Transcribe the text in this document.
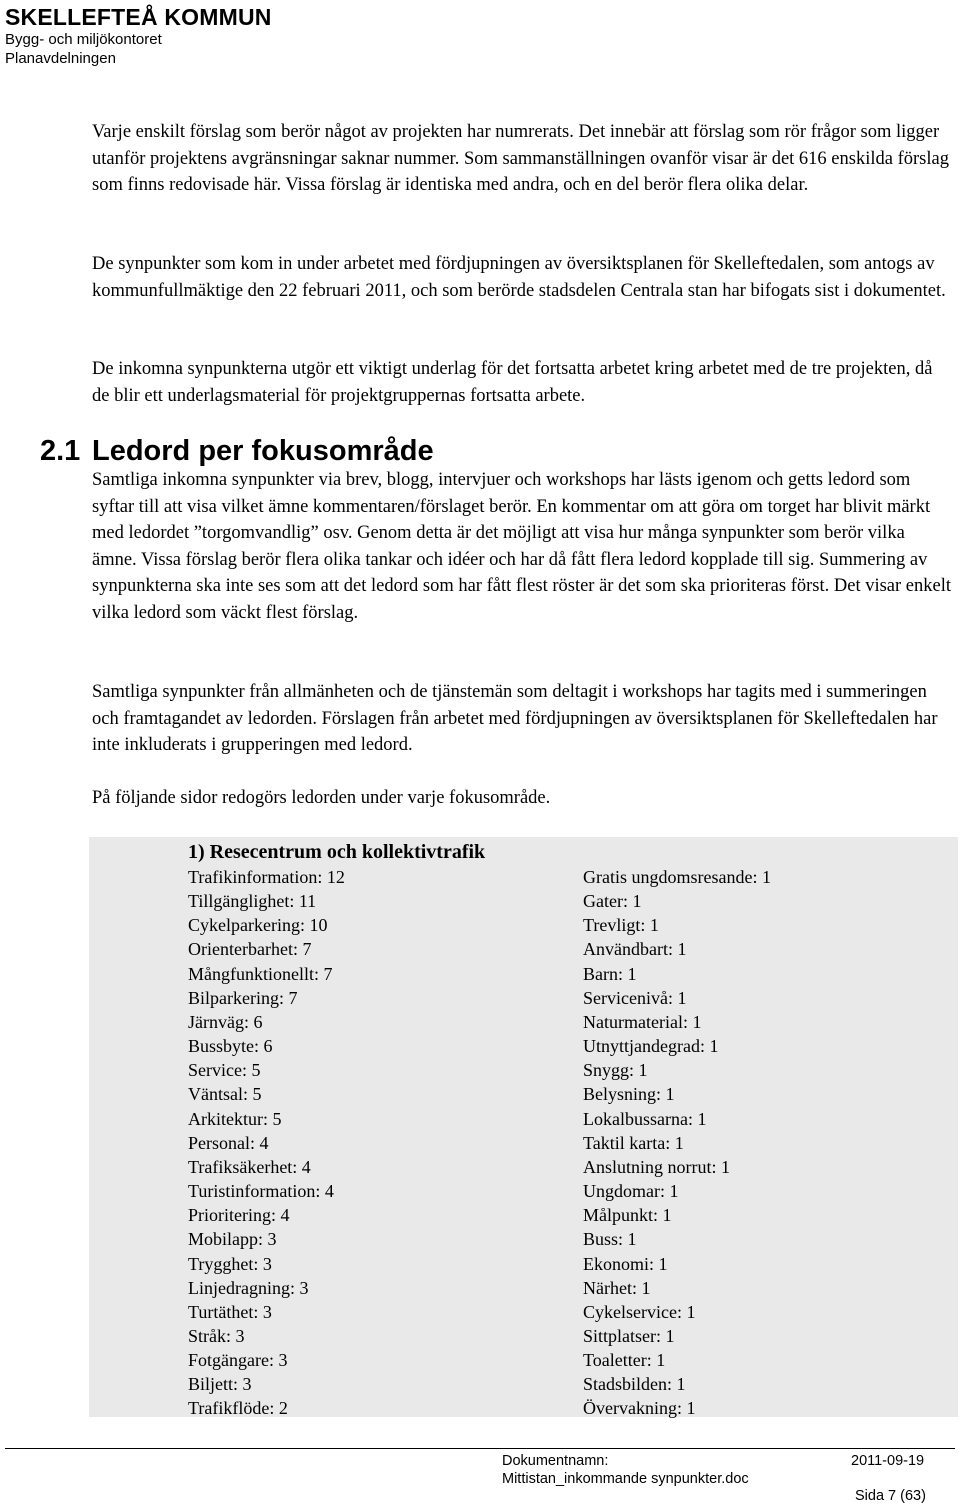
SKELLEFTEÅ KOMMUN
Bygg- och miljökontoret
Planavdelningen

Varje enskilt förslag som berör något av projekten har numrerats. Det innebär att förslag som rör frågor som ligger utanför projektens avgränsningar saknar nummer. Som sammanställningen ovanför visar är det 616 enskilda förslag som finns redovisade här. Vissa förslag är identiska med andra, och en del berör flera olika delar.

De synpunkter som kom in under arbetet med fördjupningen av översiktsplanen för Skelleftedalen, som antogs av kommunfullmäktige den 22 februari 2011, och som berörde stadsdelen Centrala stan har bifogats sist i dokumentet.

De inkomna synpunkterna utgör ett viktigt underlag för det fortsatta arbetet kring arbetet med de tre projekten, då de blir ett underlagsmaterial för projektgruppernas fortsatta arbete.

2.1 Ledord per fokusområde

Samtliga inkomna synpunkter via brev, blogg, intervjuer och workshops har lästs igenom och getts ledord som syftar till att visa vilket ämne kommentaren/förslaget berör. En kommentar om att göra om torget har blivit märkt med ledordet ”torgomvandlig” osv. Genom detta är det möjligt att visa hur många synpunkter som berör vilka ämne. Vissa förslag berör flera olika tankar och idéer och har då fått flera ledord kopplade till sig. Summering av synpunkterna ska inte ses som att det ledord som har fått flest röster är det som ska prioriteras först. Det visar enkelt vilka ledord som väckt flest förslag.

Samtliga synpunkter från allmänheten och de tjänstemän som deltagit i workshops har tagits med i summeringen och framtagandet av ledorden. Förslagen från arbetet med fördjupningen av översiktsplanen för Skelleftedalen har inte inkluderats i grupperingen med ledord.

På följande sidor redogörs ledorden under varje fokusområde.

1) Resecentrum och kollektivtrafik
Trafikinformation: 12
Tillgänglighet: 11
Cykelparkering: 10
Orienterbarhet: 7
Mångfunktionellt: 7
Bilparkering: 7
Järnväg: 6
Bussbyte: 6
Service: 5
Väntsal: 5
Arkitektur: 5
Personal: 4
Trafiksäkerhet: 4
Turistinformation: 4
Prioritering: 4
Mobilapp: 3
Trygghet: 3
Linjedragning: 3
Turtäthet: 3
Stråk: 3
Fotgängare: 3
Biljett: 3
Trafikflöde: 2
Gratis ungdomsresande: 1
Gater: 1
Trevligt: 1
Användbart: 1
Barn: 1
Servicenivå: 1
Naturmaterial: 1
Utnyttjandegrad: 1
Snygg: 1
Belysning: 1
Lokalbussarna: 1
Taktil karta: 1
Anslutning norrut: 1
Ungdomar: 1
Målpunkt: 1
Buss: 1
Ekonomi: 1
Närhet: 1
Cykelservice: 1
Sittplatser: 1
Toaletter: 1
Stadsbilden: 1
Övervakning: 1
Dokumentnamn:
Mittistan_inkommande synpunkter.doc
2011-09-19
Sida 7 (63)
